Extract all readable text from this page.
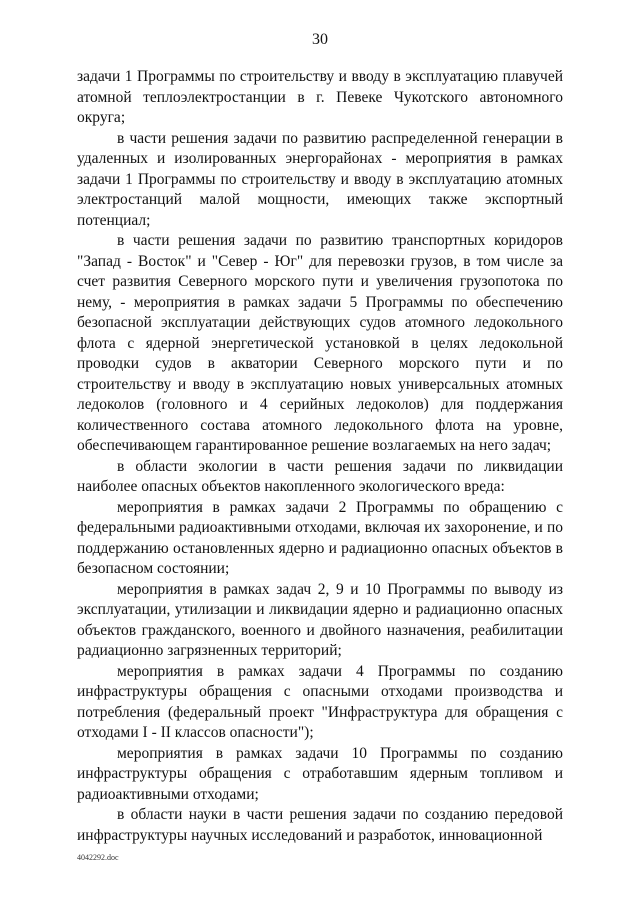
30

задачи 1 Программы по строительству и вводу в эксплуатацию плавучей атомной теплоэлектростанции в г. Певеке Чукотского автономного округа;

в части решения задачи по развитию распределенной генерации в удаленных и изолированных энергорайонах - мероприятия в рамках задачи 1 Программы по строительству и вводу в эксплуатацию атомных электростанций малой мощности, имеющих также экспортный потенциал;

в части решения задачи по развитию транспортных коридоров "Запад - Восток" и "Север - Юг" для перевозки грузов, в том числе за счет развития Северного морского пути и увеличения грузопотока по нему, - мероприятия в рамках задачи 5 Программы по обеспечению безопасной эксплуатации действующих судов атомного ледокольного флота с ядерной энергетической установкой в целях ледокольной проводки судов в акватории Северного морского пути и по строительству и вводу в эксплуатацию новых универсальных атомных ледоколов (головного и 4 серийных ледоколов) для поддержания количественного состава атомного ледокольного флота на уровне, обеспечивающем гарантированное решение возлагаемых на него задач;

в области экологии в части решения задачи по ликвидации наиболее опасных объектов накопленного экологического вреда:

мероприятия в рамках задачи 2 Программы по обращению с федеральными радиоактивными отходами, включая их захоронение, и по поддержанию остановленных ядерно и радиационно опасных объектов в безопасном состоянии;

мероприятия в рамках задач 2, 9 и 10 Программы по выводу из эксплуатации, утилизации и ликвидации ядерно и радиационно опасных объектов гражданского, военного и двойного назначения, реабилитации радиационно загрязненных территорий;

мероприятия в рамках задачи 4 Программы по созданию инфраструктуры обращения с опасными отходами производства и потребления (федеральный проект "Инфраструктура для обращения с отходами I - II классов опасности");

мероприятия в рамках задачи 10 Программы по созданию инфраструктуры обращения с отработавшим ядерным топливом и радиоактивными отходами;

в области науки в части решения задачи по созданию передовой инфраструктуры научных исследований и разработок, инновационной

4042292.doc
